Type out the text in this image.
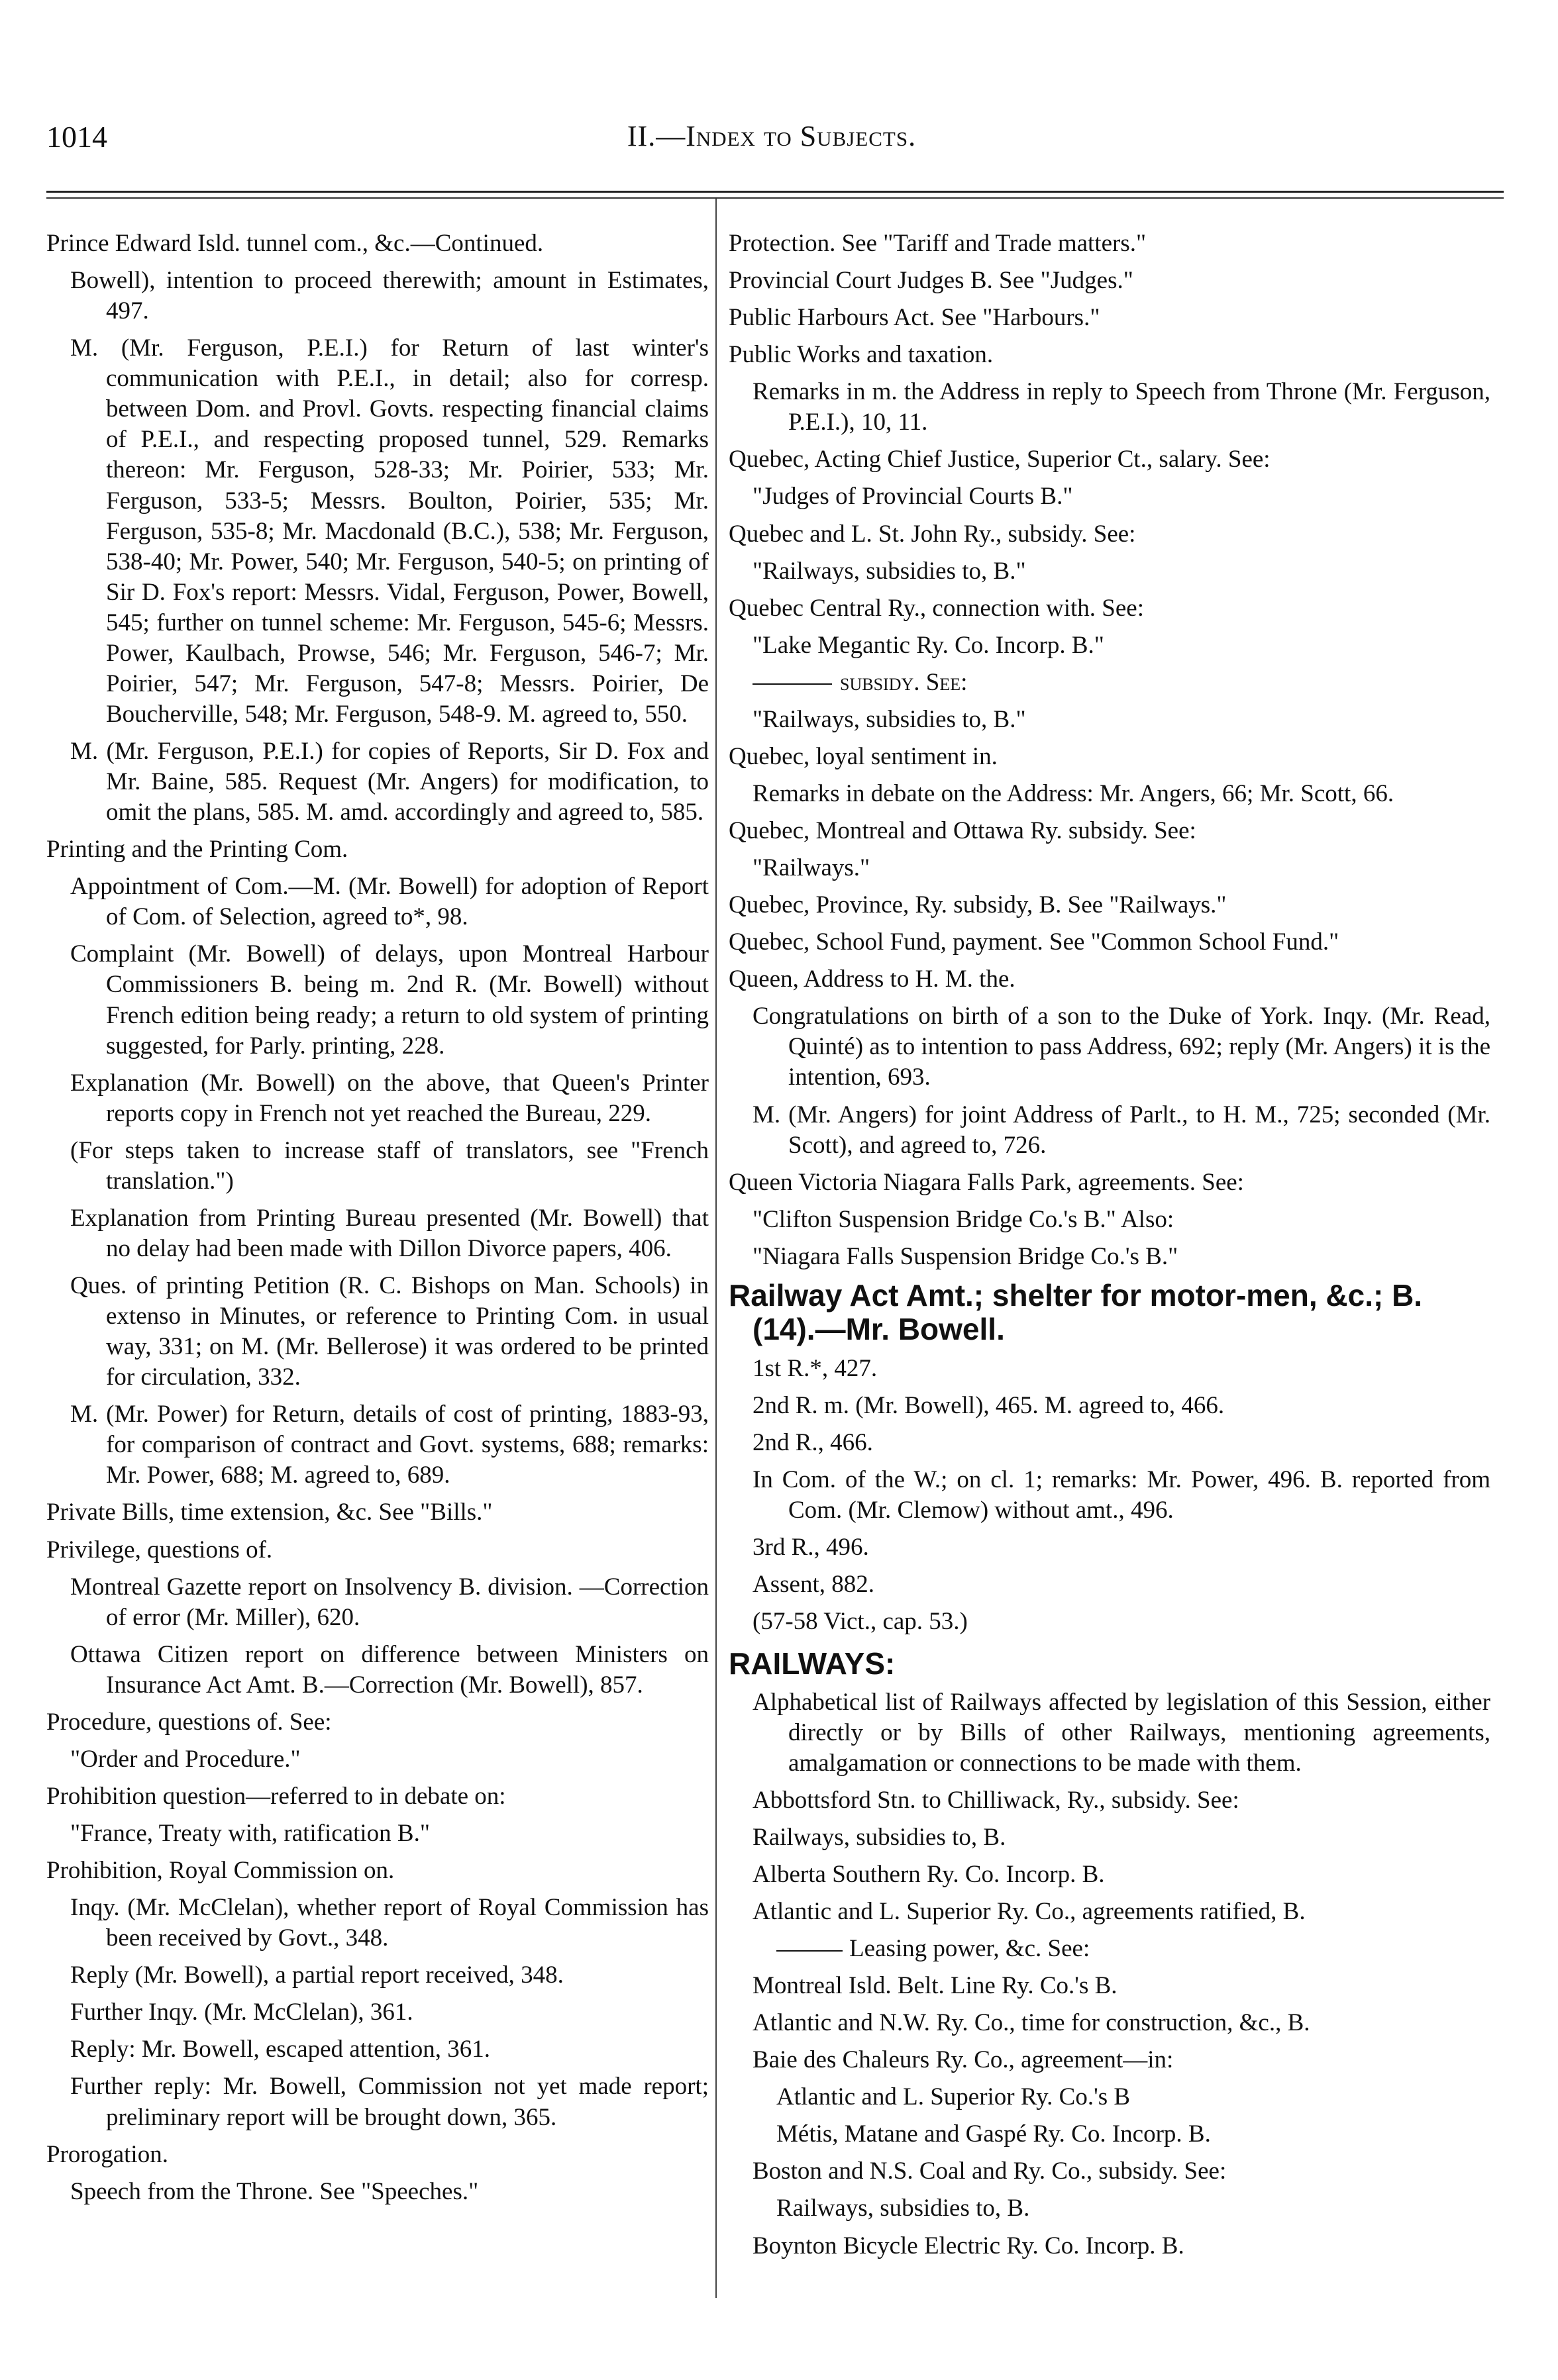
1014	II.—Index to Subjects.
Prince Edward Isld. tunnel com., &c.—Continued.
Bowell), intention to proceed therewith; amount in Estimates, 497.
M. (Mr. Ferguson, P.E.I.) for Return of last winter's communication with P.E.I., in detail; also for corresp. between Dom. and Provl. Govts. respecting financial claims of P.E.I., and respecting proposed tunnel, 529. Remarks thereon: Mr. Ferguson, 528-33; Mr. Poirier, 533; Mr. Ferguson, 533-5; Messrs. Boulton, Poirier, 535; Mr. Ferguson, 535-8; Mr. Macdonald (B.C.), 538; Mr. Ferguson, 538-40; Mr. Power, 540; Mr. Ferguson, 540-5; on printing of Sir D. Fox's report: Messrs. Vidal, Ferguson, Power, Bowell, 545; further on tunnel scheme: Mr. Ferguson, 545-6; Messrs. Power, Kaulbach, Prowse, 546; Mr. Ferguson, 546-7; Mr. Poirier, 547; Mr. Ferguson, 547-8; Messrs. Poirier, De Boucherville, 548; Mr. Ferguson, 548-9. M. agreed to, 550.
M. (Mr. Ferguson, P.E.I.) for copies of Reports, Sir D. Fox and Mr. Baine, 585. Request (Mr. Angers) for modification, to omit the plans, 585. M. amd. accordingly and agreed to, 585.
Printing and the Printing Com.
Appointment of Com.—M. (Mr. Bowell) for adoption of Report of Com. of Selection, agreed to*, 98.
Complaint (Mr. Bowell) of delays, upon Montreal Harbour Commissioners B. being m. 2nd R. (Mr. Bowell) without French edition being ready; a return to old system of printing suggested, for Parly. printing, 228.
Explanation (Mr. Bowell) on the above, that Queen's Printer reports copy in French not yet reached the Bureau, 229.
(For steps taken to increase staff of translators, see "French translation.")
Explanation from Printing Bureau presented (Mr. Bowell) that no delay had been made with Dillon Divorce papers, 406.
Ques. of printing Petition (R. C. Bishops on Man. Schools) in extenso in Minutes, or reference to Printing Com. in usual way, 331; on M. (Mr. Bellerose) it was ordered to be printed for circulation, 332.
M. (Mr. Power) for Return, details of cost of printing, 1883-93, for comparison of contract and Govt. systems, 688; remarks: Mr. Power, 688; M. agreed to, 689.
Private Bills, time extension, &c. See "Bills."
Privilege, questions of.
Montreal Gazette report on Insolvency B. division. —Correction of error (Mr. Miller), 620.
Ottawa Citizen report on difference between Ministers on Insurance Act Amt. B.—Correction (Mr. Bowell), 857.
Procedure, questions of. See:
"Order and Procedure."
Prohibition question—referred to in debate on:
"France, Treaty with, ratification B."
Prohibition, Royal Commission on.
Inqy. (Mr. McClelan), whether report of Royal Commission has been received by Govt., 348.
Reply (Mr. Bowell), a partial report received, 348.
Further Inqy. (Mr. McClelan), 361.
Reply: Mr. Bowell, escaped attention, 361.
Further reply: Mr. Bowell, Commission not yet made report; preliminary report will be brought down, 365.
Prorogation.
Speech from the Throne. See "Speeches."
Protection. See "Tariff and Trade matters."
Provincial Court Judges B. See "Judges."
Public Harbours Act. See "Harbours."
Public Works and taxation.
Remarks in m. the Address in reply to Speech from Throne (Mr. Ferguson, P.E.I.), 10, 11.
Quebec, Acting Chief Justice, Superior Ct., salary. See:
"Judges of Provincial Courts B."
Quebec and L. St. John Ry., subsidy. See:
"Railways, subsidies to, B."
Quebec Central Ry., connection with. See:
"Lake Megantic Ry. Co. Incorp. B."
subsidy. See:
"Railways, subsidies to, B."
Quebec, loyal sentiment in.
Remarks in debate on the Address: Mr. Angers, 66; Mr. Scott, 66.
Quebec, Montreal and Ottawa Ry. subsidy. See:
"Railways."
Quebec, Province, Ry. subsidy, B. See "Railways."
Quebec, School Fund, payment. See "Common School Fund."
Queen, Address to H. M. the.
Congratulations on birth of a son to the Duke of York. Inqy. (Mr. Read, Quinté) as to intention to pass Address, 692; reply (Mr. Angers) it is the intention, 693.
M. (Mr. Angers) for joint Address of Parlt., to H. M., 725; seconded (Mr. Scott), and agreed to, 726.
Queen Victoria Niagara Falls Park, agreements. See:
"Clifton Suspension Bridge Co.'s B." Also:
"Niagara Falls Suspension Bridge Co.'s B."
Railway Act Amt.; shelter for motor-men, &c.; B. (14).—Mr. Bowell.
1st R.*, 427.
2nd R. m. (Mr. Bowell), 465. M. agreed to, 466.
2nd R., 466.
In Com. of the W.; on cl. 1; remarks: Mr. Power, 496. B. reported from Com. (Mr. Clemow) without amt., 496.
3rd R., 496.
Assent, 882.
(57-58 Vict., cap. 53.)
RAILWAYS:
Alphabetical list of Railways affected by legislation of this Session, either directly or by Bills of other Railways, mentioning agreements, amalgamation or connections to be made with them.
Abbottsford Stn. to Chilliwack, Ry., subsidy. See:
Railways, subsidies to, B.
Alberta Southern Ry. Co. Incorp. B.
Atlantic and L. Superior Ry. Co., agreements ratified, B.
Leasing power, &c. See:
Montreal Isld. Belt. Line Ry. Co.'s B.
Atlantic and N.W. Ry. Co., time for construction, &c., B.
Baie des Chaleurs Ry. Co., agreement—in:
Atlantic and L. Superior Ry. Co.'s B
Métis, Matane and Gaspé Ry. Co. Incorp. B.
Boston and N.S. Coal and Ry. Co., subsidy. See:
Railways, subsidies to, B.
Boynton Bicycle Electric Ry. Co. Incorp. B.
